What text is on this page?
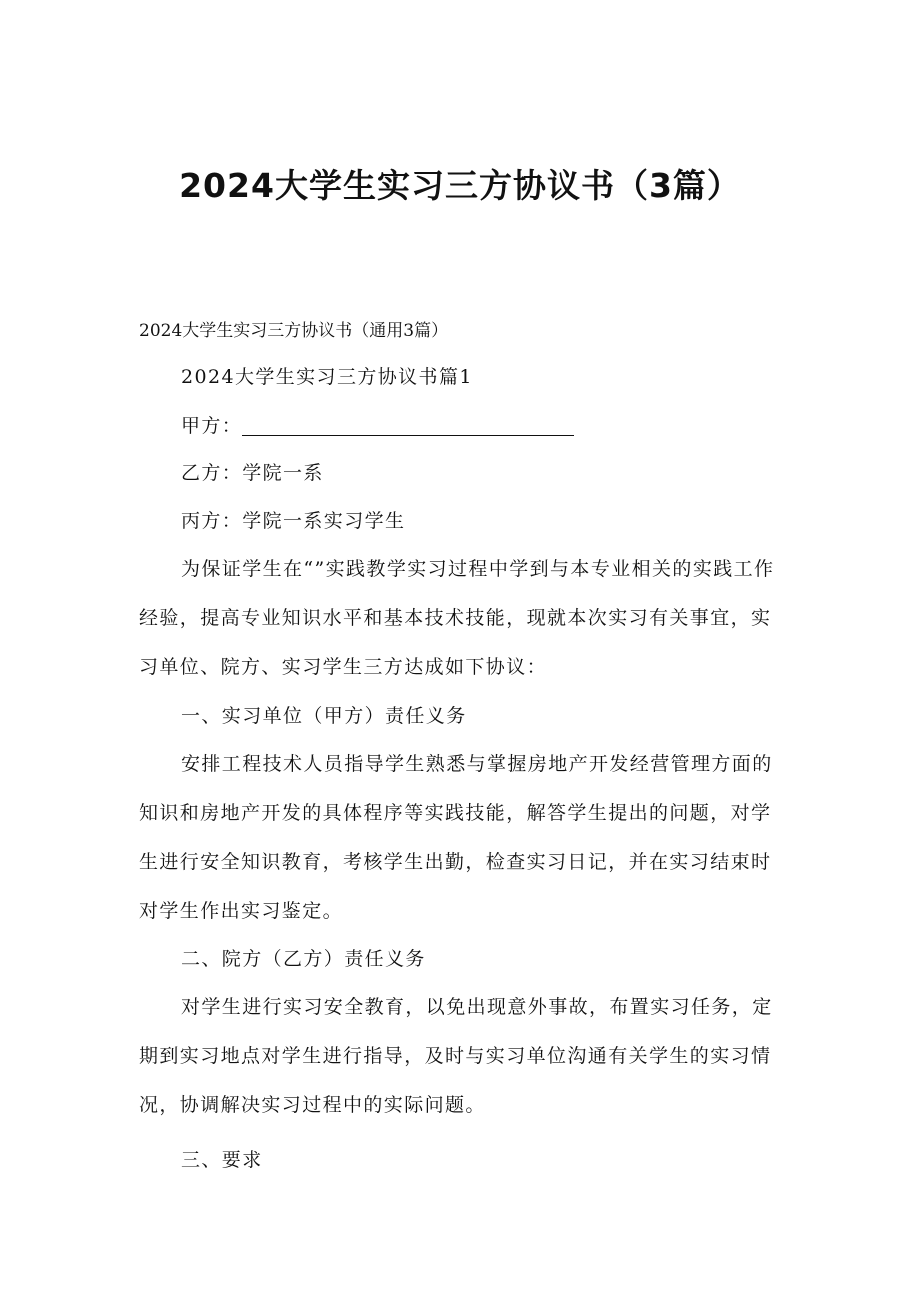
2024大学生实习三方协议书（3篇）

2024大学生实习三方协议书（通用3篇）

2024大学生实习三方协议书篇1

甲方：

乙方：学院一系

丙方：学院一系实习学生

为保证学生在“”实践教学实习过程中学到与本专业相关的实践工作经验，提高专业知识水平和基本技术技能，现就本次实习有关事宜，实习单位、院方、实习学生三方达成如下协议：

一、实习单位（甲方）责任义务

安排工程技术人员指导学生熟悉与掌握房地产开发经营管理方面的知识和房地产开发的具体程序等实践技能，解答学生提出的问题，对学生进行安全知识教育，考核学生出勤，检查实习日记，并在实习结束时对学生作出实习鉴定。

二、院方（乙方）责任义务

对学生进行实习安全教育，以免出现意外事故，布置实习任务，定期到实习地点对学生进行指导，及时与实习单位沟通有关学生的实习情况，协调解决实习过程中的实际问题。

三、要求
